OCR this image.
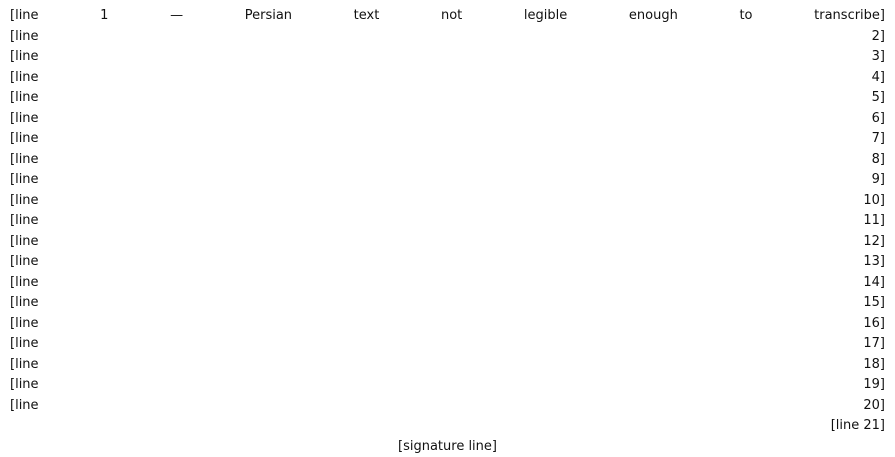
[line 1 — Persian text not legible enough to transcribe]
[line 2]
[line 3]
[line 4]
[line 5]
[line 6]
[line 7]
[line 8]
[line 9]
[line 10]
[line 11]
[line 12]
[line 13]
[line 14]
[line 15]
[line 16]
[line 17]
[line 18]
[line 19]
[line 20]
[line 21]
[signature line]
